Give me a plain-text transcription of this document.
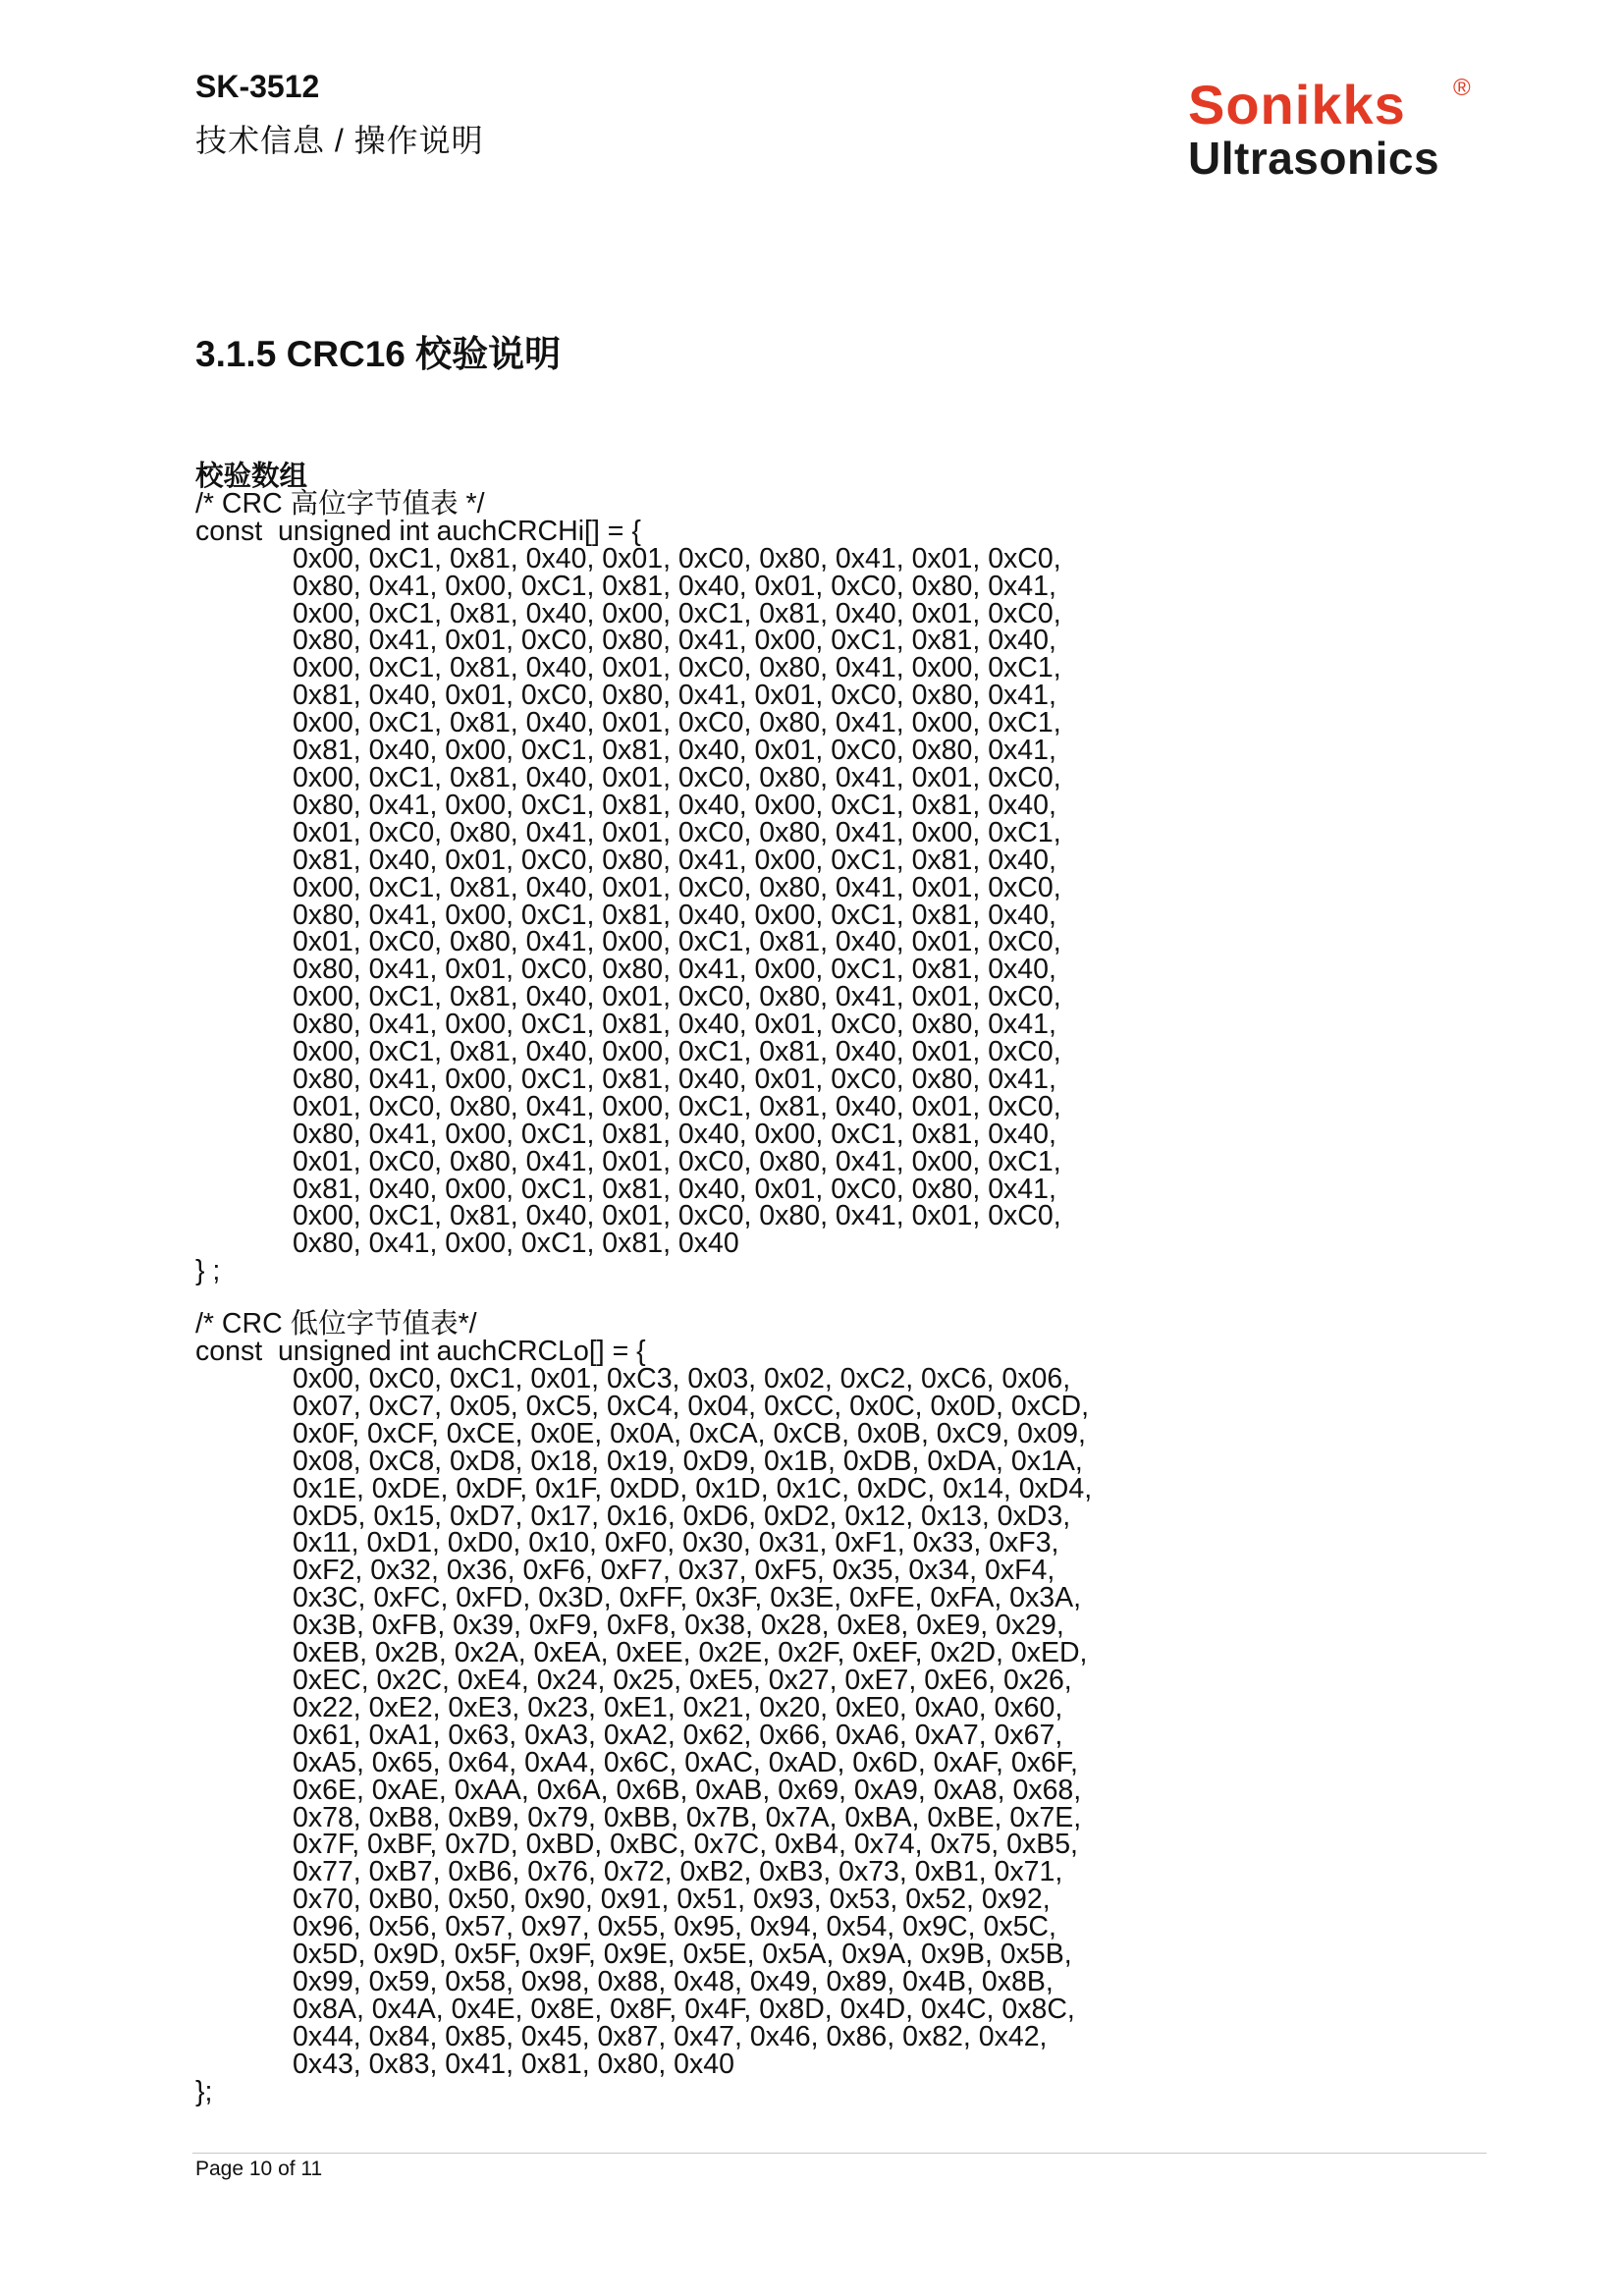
SK-3512
技术信息 / 操作说明
Sonikks	®
Ultrasonics
3.1.5 CRC16 校验说明
校验数组
/* CRC 高位字节值表 */
const  unsigned int auchCRCHi[] = {
0x00, 0xC1, 0x81, 0x40, 0x01, 0xC0, 0x80, 0x41, 0x01, 0xC0,
0x80, 0x41, 0x00, 0xC1, 0x81, 0x40, 0x01, 0xC0, 0x80, 0x41,
0x00, 0xC1, 0x81, 0x40, 0x00, 0xC1, 0x81, 0x40, 0x01, 0xC0,
0x80, 0x41, 0x01, 0xC0, 0x80, 0x41, 0x00, 0xC1, 0x81, 0x40,
0x00, 0xC1, 0x81, 0x40, 0x01, 0xC0, 0x80, 0x41, 0x00, 0xC1,
0x81, 0x40, 0x01, 0xC0, 0x80, 0x41, 0x01, 0xC0, 0x80, 0x41,
0x00, 0xC1, 0x81, 0x40, 0x01, 0xC0, 0x80, 0x41, 0x00, 0xC1,
0x81, 0x40, 0x00, 0xC1, 0x81, 0x40, 0x01, 0xC0, 0x80, 0x41,
0x00, 0xC1, 0x81, 0x40, 0x01, 0xC0, 0x80, 0x41, 0x01, 0xC0,
0x80, 0x41, 0x00, 0xC1, 0x81, 0x40, 0x00, 0xC1, 0x81, 0x40,
0x01, 0xC0, 0x80, 0x41, 0x01, 0xC0, 0x80, 0x41, 0x00, 0xC1,
0x81, 0x40, 0x01, 0xC0, 0x80, 0x41, 0x00, 0xC1, 0x81, 0x40,
0x00, 0xC1, 0x81, 0x40, 0x01, 0xC0, 0x80, 0x41, 0x01, 0xC0,
0x80, 0x41, 0x00, 0xC1, 0x81, 0x40, 0x00, 0xC1, 0x81, 0x40,
0x01, 0xC0, 0x80, 0x41, 0x00, 0xC1, 0x81, 0x40, 0x01, 0xC0,
0x80, 0x41, 0x01, 0xC0, 0x80, 0x41, 0x00, 0xC1, 0x81, 0x40,
0x00, 0xC1, 0x81, 0x40, 0x01, 0xC0, 0x80, 0x41, 0x01, 0xC0,
0x80, 0x41, 0x00, 0xC1, 0x81, 0x40, 0x01, 0xC0, 0x80, 0x41,
0x00, 0xC1, 0x81, 0x40, 0x00, 0xC1, 0x81, 0x40, 0x01, 0xC0,
0x80, 0x41, 0x00, 0xC1, 0x81, 0x40, 0x01, 0xC0, 0x80, 0x41,
0x01, 0xC0, 0x80, 0x41, 0x00, 0xC1, 0x81, 0x40, 0x01, 0xC0,
0x80, 0x41, 0x00, 0xC1, 0x81, 0x40, 0x00, 0xC1, 0x81, 0x40,
0x01, 0xC0, 0x80, 0x41, 0x01, 0xC0, 0x80, 0x41, 0x00, 0xC1,
0x81, 0x40, 0x00, 0xC1, 0x81, 0x40, 0x01, 0xC0, 0x80, 0x41,
0x00, 0xC1, 0x81, 0x40, 0x01, 0xC0, 0x80, 0x41, 0x01, 0xC0,
0x80, 0x41, 0x00, 0xC1, 0x81, 0x40
} ;
/* CRC 低位字节值表*/
const  unsigned int auchCRCLo[] = {
0x00, 0xC0, 0xC1, 0x01, 0xC3, 0x03, 0x02, 0xC2, 0xC6, 0x06,
0x07, 0xC7, 0x05, 0xC5, 0xC4, 0x04, 0xCC, 0x0C, 0x0D, 0xCD,
0x0F, 0xCF, 0xCE, 0x0E, 0x0A, 0xCA, 0xCB, 0x0B, 0xC9, 0x09,
0x08, 0xC8, 0xD8, 0x18, 0x19, 0xD9, 0x1B, 0xDB, 0xDA, 0x1A,
0x1E, 0xDE, 0xDF, 0x1F, 0xDD, 0x1D, 0x1C, 0xDC, 0x14, 0xD4,
0xD5, 0x15, 0xD7, 0x17, 0x16, 0xD6, 0xD2, 0x12, 0x13, 0xD3,
0x11, 0xD1, 0xD0, 0x10, 0xF0, 0x30, 0x31, 0xF1, 0x33, 0xF3,
0xF2, 0x32, 0x36, 0xF6, 0xF7, 0x37, 0xF5, 0x35, 0x34, 0xF4,
0x3C, 0xFC, 0xFD, 0x3D, 0xFF, 0x3F, 0x3E, 0xFE, 0xFA, 0x3A,
0x3B, 0xFB, 0x39, 0xF9, 0xF8, 0x38, 0x28, 0xE8, 0xE9, 0x29,
0xEB, 0x2B, 0x2A, 0xEA, 0xEE, 0x2E, 0x2F, 0xEF, 0x2D, 0xED,
0xEC, 0x2C, 0xE4, 0x24, 0x25, 0xE5, 0x27, 0xE7, 0xE6, 0x26,
0x22, 0xE2, 0xE3, 0x23, 0xE1, 0x21, 0x20, 0xE0, 0xA0, 0x60,
0x61, 0xA1, 0x63, 0xA3, 0xA2, 0x62, 0x66, 0xA6, 0xA7, 0x67,
0xA5, 0x65, 0x64, 0xA4, 0x6C, 0xAC, 0xAD, 0x6D, 0xAF, 0x6F,
0x6E, 0xAE, 0xAA, 0x6A, 0x6B, 0xAB, 0x69, 0xA9, 0xA8, 0x68,
0x78, 0xB8, 0xB9, 0x79, 0xBB, 0x7B, 0x7A, 0xBA, 0xBE, 0x7E,
0x7F, 0xBF, 0x7D, 0xBD, 0xBC, 0x7C, 0xB4, 0x74, 0x75, 0xB5,
0x77, 0xB7, 0xB6, 0x76, 0x72, 0xB2, 0xB3, 0x73, 0xB1, 0x71,
0x70, 0xB0, 0x50, 0x90, 0x91, 0x51, 0x93, 0x53, 0x52, 0x92,
0x96, 0x56, 0x57, 0x97, 0x55, 0x95, 0x94, 0x54, 0x9C, 0x5C,
0x5D, 0x9D, 0x5F, 0x9F, 0x9E, 0x5E, 0x5A, 0x9A, 0x9B, 0x5B,
0x99, 0x59, 0x58, 0x98, 0x88, 0x48, 0x49, 0x89, 0x4B, 0x8B,
0x8A, 0x4A, 0x4E, 0x8E, 0x8F, 0x4F, 0x8D, 0x4D, 0x4C, 0x8C,
0x44, 0x84, 0x85, 0x45, 0x87, 0x47, 0x46, 0x86, 0x82, 0x42,
0x43, 0x83, 0x41, 0x81, 0x80, 0x40
};
Page 10 of 11
